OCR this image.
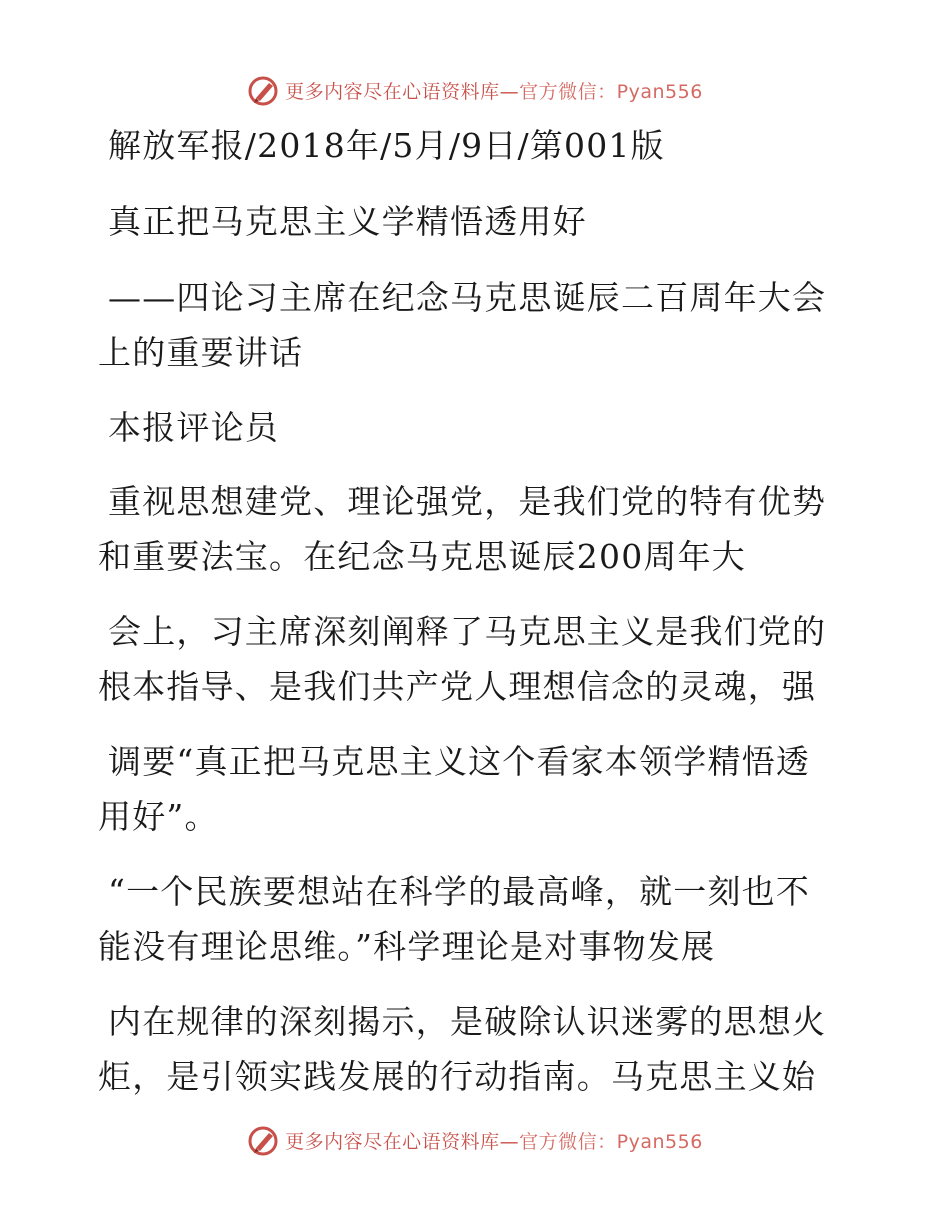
更多内容尽在心语资料库—官方微信：Pyan556
解放军报/2018年/5月/9日/第001版
真正把马克思主义学精悟透用好
——四论习主席在纪念马克思诞辰二百周年大会
上的重要讲话
本报评论员
重视思想建党、理论强党，是我们党的特有优势
和重要法宝。在纪念马克思诞辰200周年大
会上，习主席深刻阐释了马克思主义是我们党的
根本指导、是我们共产党人理想信念的灵魂，强
调要“真正把马克思主义这个看家本领学精悟透
用好”。
“一个民族要想站在科学的最高峰，就一刻也不
能没有理论思维。”科学理论是对事物发展
内在规律的深刻揭示，是破除认识迷雾的思想火
炬，是引领实践发展的行动指南。马克思主义始
更多内容尽在心语资料库—官方微信：Pyan556
